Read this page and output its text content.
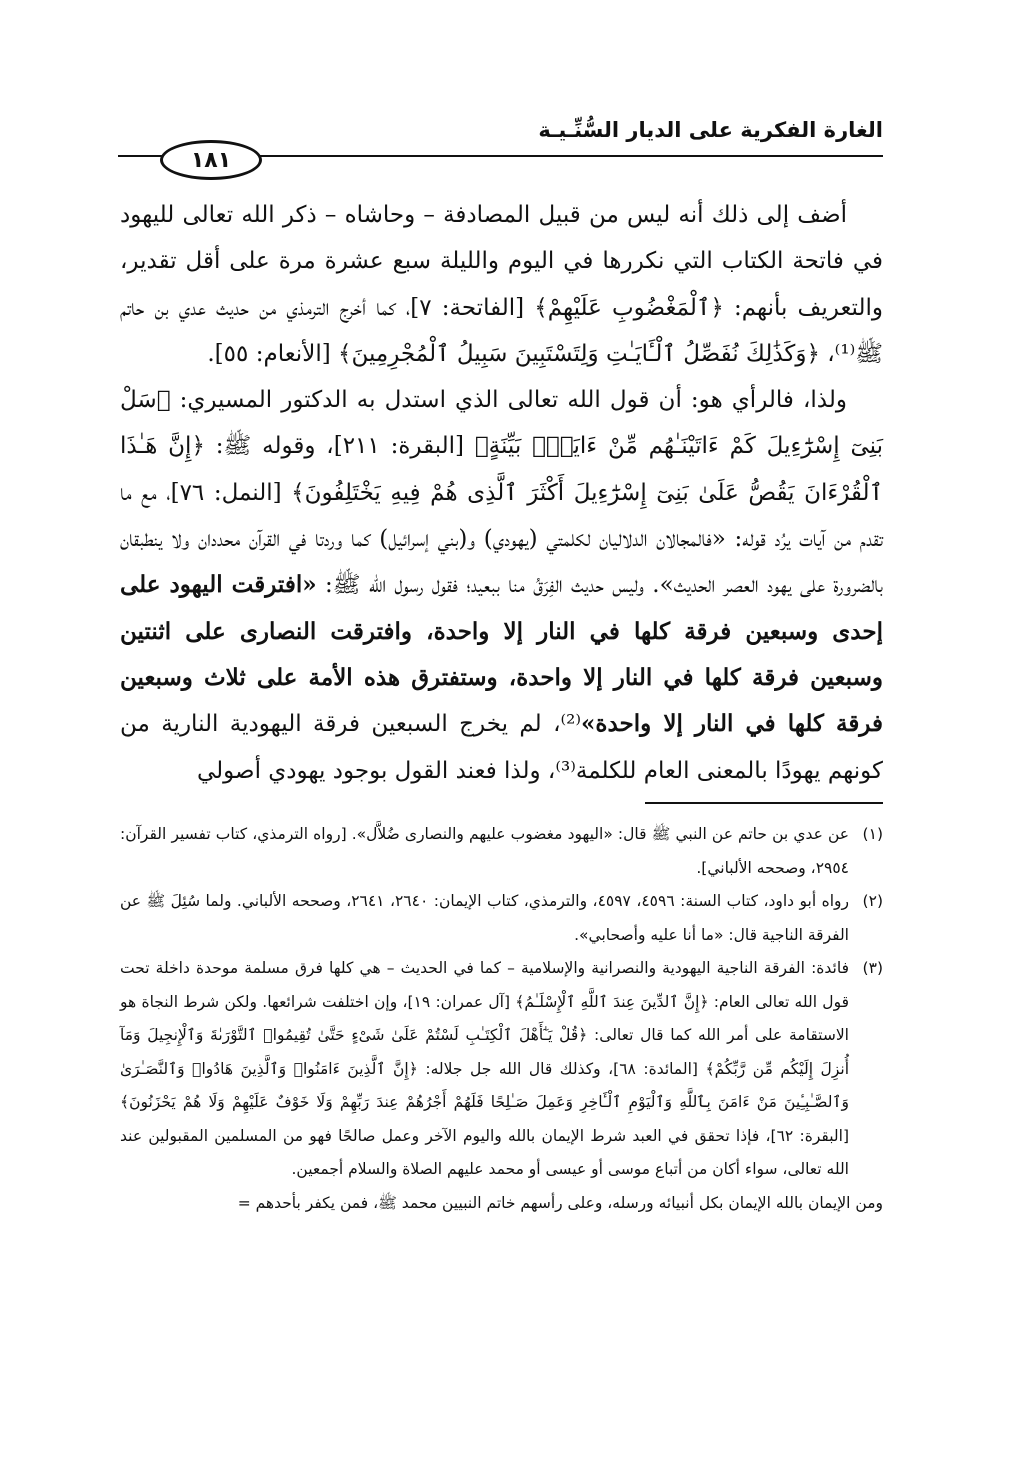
الغارة الفكرية على الديار السُّنِّـيـة
١٨١

أضف إلى ذلك أنه ليس من قبيل المصادفة – وحاشاه – ذكر الله تعالى لليهود في فاتحة الكتاب التي نكررها في اليوم والليلة سبع عشرة مرة على أقل تقدير، والتعريف بأنهم: ﴿ٱلْمَغْضُوبِ عَلَيْهِمْ﴾ [الفاتحة: ٧]، كما أخرج الترمذي من حديث عدي بن حاتم ﷺ⁽¹⁾، ﴿وَكَذَٰلِكَ نُفَصِّلُ ٱلْـَٔايَـٰتِ وَلِتَسْتَبِينَ سَبِيلُ ٱلْمُجْرِمِينَ﴾ [الأنعام: ٥٥].

ولذا، فالرأي هو: أن قول الله تعالى الذي استدل به الدكتور المسيري: ﴿سَلْ بَنِىٓ إِسْرَٰٓءِيلَ كَمْ ءَاتَيْنَـٰهُم مِّنْ ءَايَةٍۭ بَيِّنَةٍ﴾ [البقرة: ٢١١]، وقوله ﷺ: ﴿إِنَّ هَـٰذَا ٱلْقُرْءَانَ يَقُصُّ عَلَىٰ بَنِىٓ إِسْرَٰٓءِيلَ أَكْثَرَ ٱلَّذِى هُمْ فِيهِ يَخْتَلِفُونَ﴾ [النمل: ٧٦]، مع ما تقدم من آيات يرُد قوله: «فالمجالان الدلاليان لكلمتي (يهودي) و(بني إسرائيل) كما وردتا في القرآن محددان ولا ينطبقان بالضرورة على يهود العصر الحديث». وليس حديث الفِرَقُ منا ببعيد؛ فقول رسول الله ﷺ: «افترقت اليهود على إحدى وسبعين فرقة كلها في النار إلا واحدة، وافترقت النصارى على اثنتين وسبعين فرقة كلها في النار إلا واحدة، وستفترق هذه الأمة على ثلاث وسبعين فرقة كلها في النار إلا واحدة»⁽²⁾، لم يخرج السبعين فرقة اليهودية النارية من كونهم يهودًا بالمعنى العام للكلمة⁽³⁾، ولذا فعند القول بوجود يهودي أصولي

(١)
عن عدي بن حاتم عن النبي ﷺ قال: «اليهود مغضوب عليهم والنصارى ضُلاَّل». [رواه الترمذي، كتاب تفسير القرآن: ٢٩٥٤، وصححه الألباني].
(٢)
رواه أبو داود، كتاب السنة: ٤٥٩٦، ٤٥٩٧، والترمذي، كتاب الإيمان: ٢٦٤٠، ٢٦٤١، وصححه الألباني. ولما سُئِلَ ﷺ عن الفرقة الناجية قال: «ما أنا عليه وأصحابي».
(٣)
فائدة: الفرقة الناجية اليهودية والنصرانية والإسلامية – كما في الحديث – هي كلها فرق مسلمة موحدة داخلة تحت قول الله تعالى العام: ﴿إِنَّ ٱلدِّينَ عِندَ ٱللَّهِ ٱلْإِسْلَـٰمُ﴾ [آل عمران: ١٩]، وإن اختلفت شرائعها. ولكن شرط النجاة هو الاستقامة على أمر الله كما قال تعالى: ﴿قُلْ يَـٰٓأَهْلَ ٱلْكِتَـٰبِ لَسْتُمْ عَلَىٰ شَىْءٍ حَتَّىٰ تُقِيمُوا۟ ٱلتَّوْرَىٰةَ وَٱلْإِنجِيلَ وَمَآ أُنزِلَ إِلَيْكُم مِّن رَّبِّكُمْ﴾ [المائدة: ٦٨]، وكذلك قال الله جل جلاله: ﴿إِنَّ ٱلَّذِينَ ءَامَنُوا۟ وَٱلَّذِينَ هَادُوا۟ وَٱلنَّصَـٰرَىٰ وَٱلصَّـٰبِـِٔينَ مَنْ ءَامَنَ بِٱللَّهِ وَٱلْيَوْمِ ٱلْـَٔاخِرِ وَعَمِلَ صَـٰلِحًا فَلَهُمْ أَجْرُهُمْ عِندَ رَبِّهِمْ وَلَا خَوْفٌ عَلَيْهِمْ وَلَا هُمْ يَحْزَنُونَ﴾ [البقرة: ٦٢]، فإذا تحقق في العبد شرط الإيمان بالله واليوم الآخر وعمل صالحًا فهو من المسلمين المقبولين عند الله تعالى، سواء أكان من أتباع موسى أو عيسى أو محمد عليهم الصلاة والسلام أجمعين.

ومن الإيمان بالله الإيمان بكل أنبيائه ورسله، وعلى رأسهم خاتم النبيين محمد ﷺ، فمن يكفر بأحدهم =
